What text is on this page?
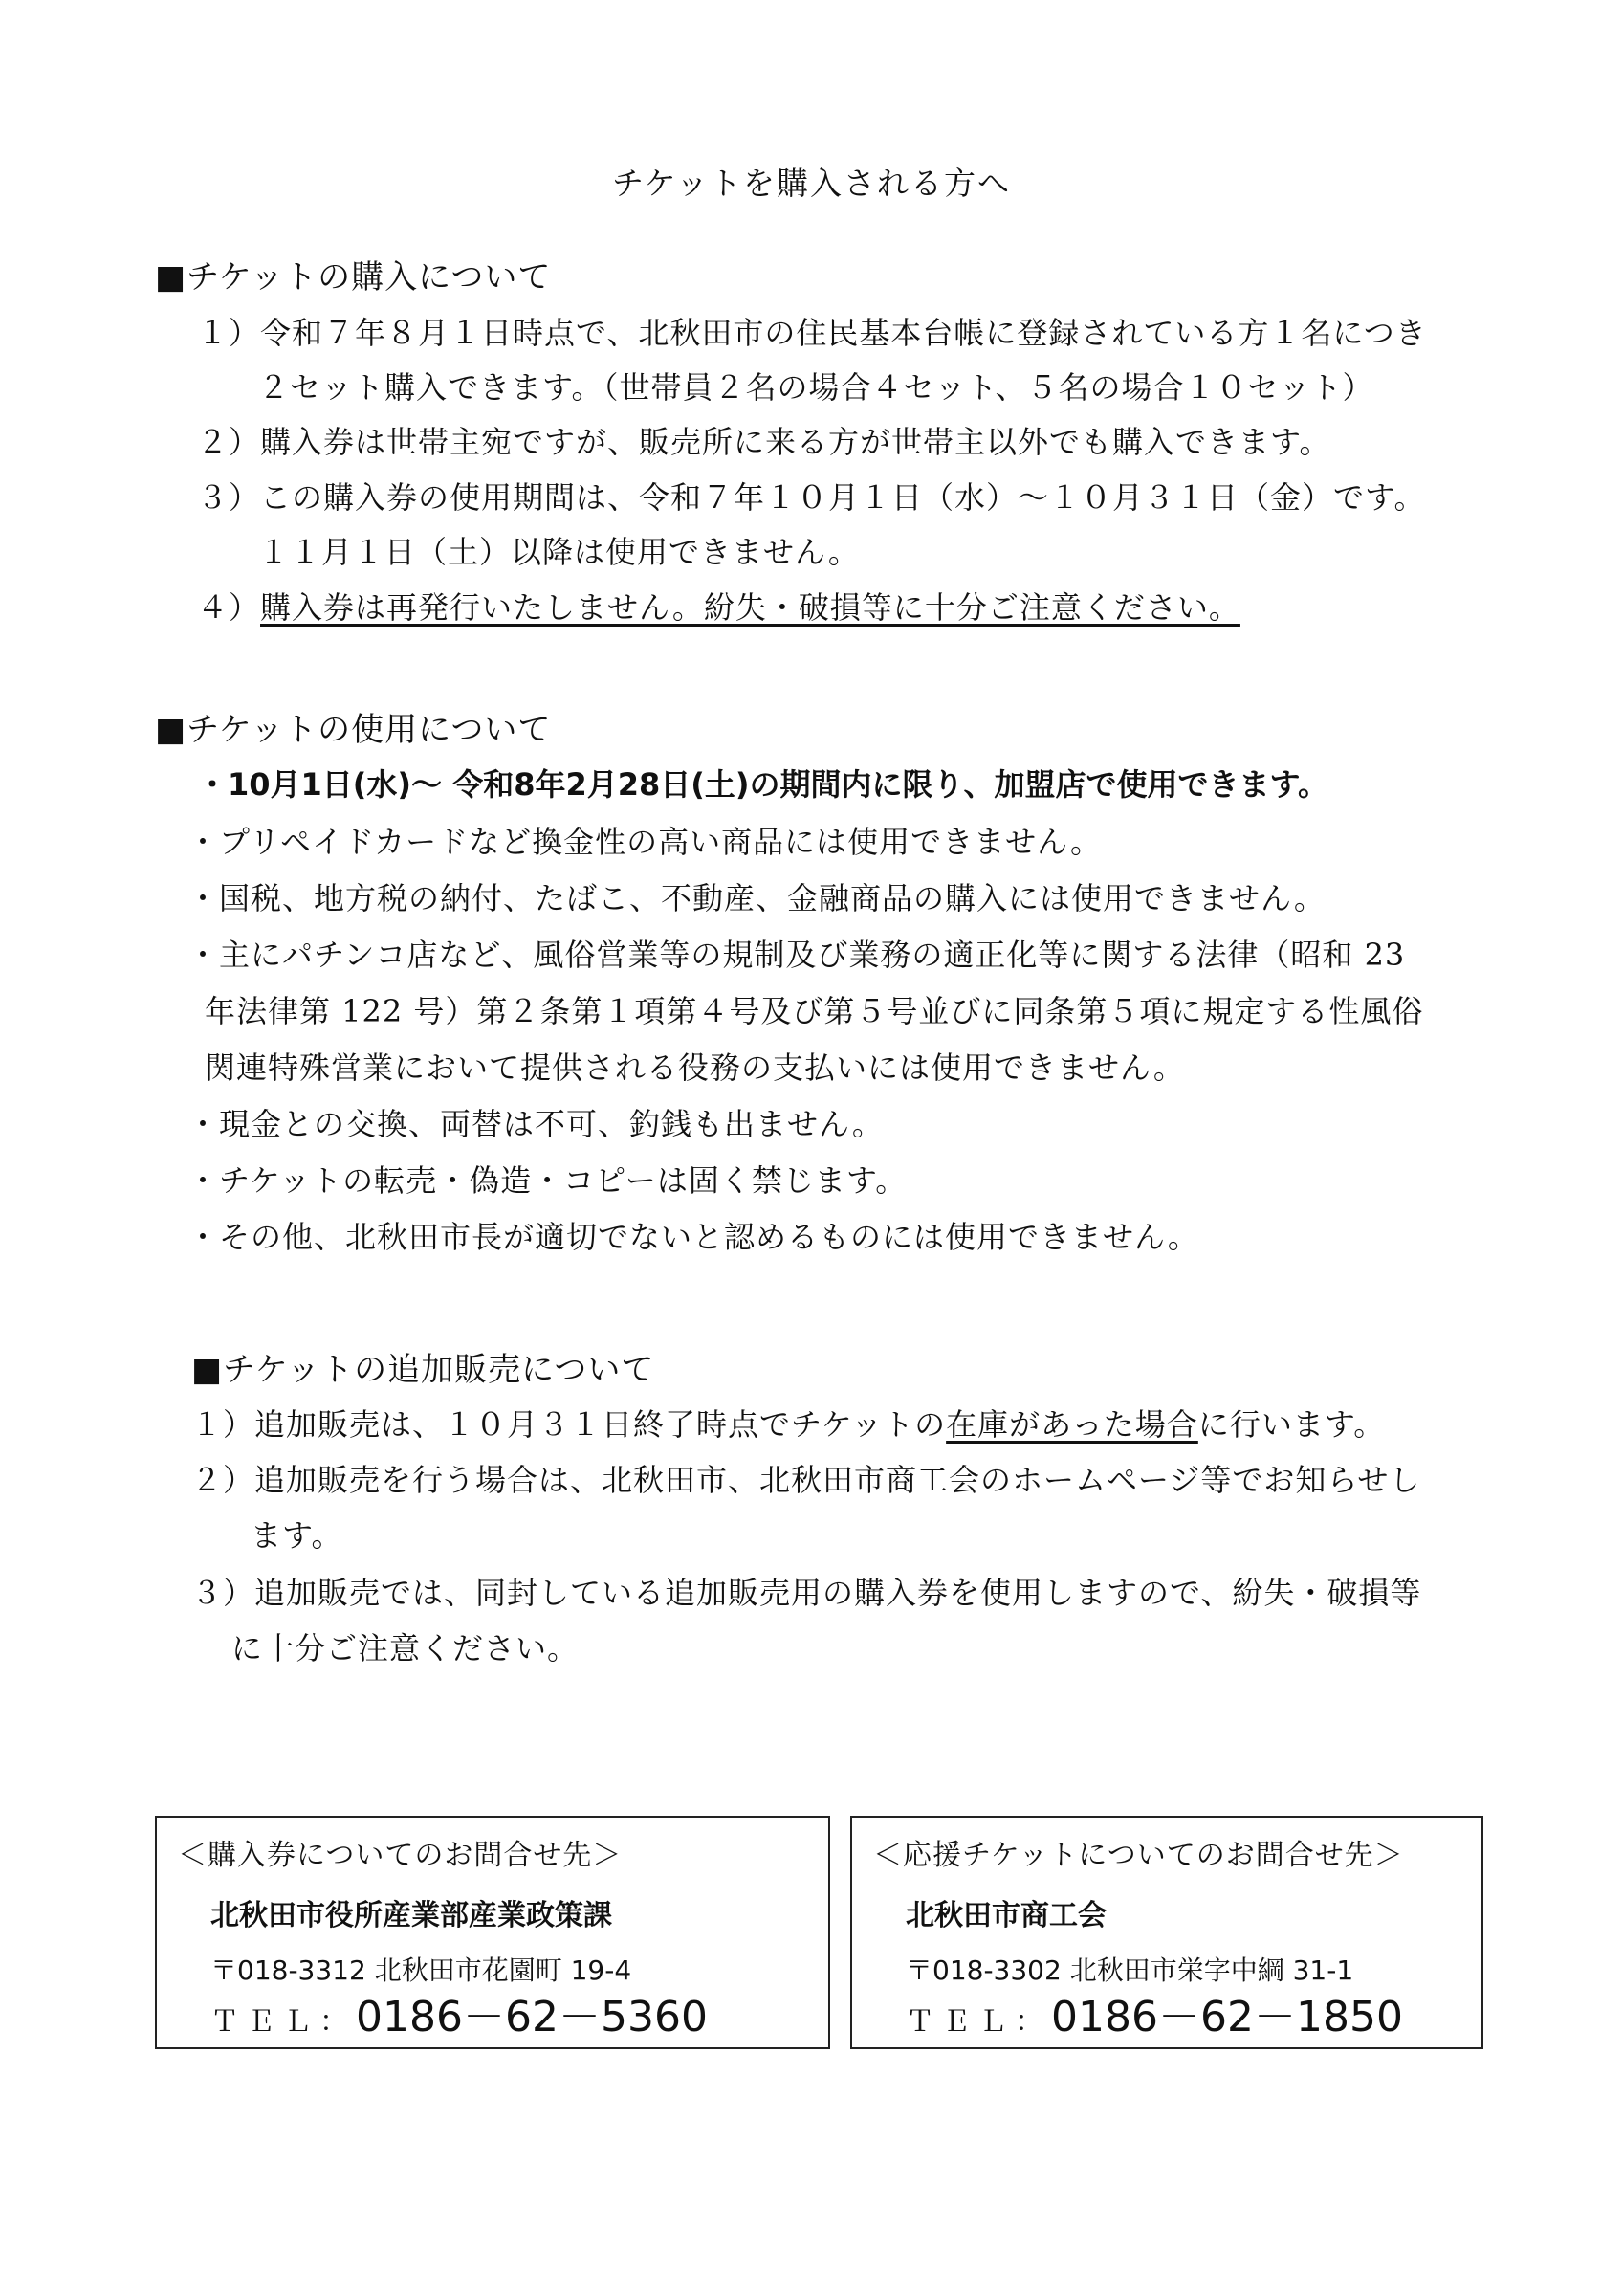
チケットを購入される方へ
■チケットの購入について
１）令和７年８月１日時点で、北秋田市の住民基本台帳に登録されている方１名につき
２セット購入できます。（世帯員２名の場合４セット、５名の場合１０セット）
２）購入券は世帯主宛ですが、販売所に来る方が世帯主以外でも購入できます。
３）この購入券の使用期間は、令和７年１０月１日（水）～１０月３１日（金）です。
１１月１日（土）以降は使用できません。
４）購入券は再発行いたしません。紛失・破損等に十分ご注意ください。
■チケットの使用について
・10月1日(水)～ 令和8年2月28日(土)の期間内に限り、加盟店で使用できます。
・プリペイドカードなど換金性の高い商品には使用できません。
・国税、地方税の納付、たばこ、不動産、金融商品の購入には使用できません。
・主にパチンコ店など、風俗営業等の規制及び業務の適正化等に関する法律（昭和 23
年法律第 122 号）第２条第１項第４号及び第５号並びに同条第５項に規定する性風俗
関連特殊営業において提供される役務の支払いには使用できません。
・現金との交換、両替は不可、釣銭も出ません。
・チケットの転売・偽造・コピーは固く禁じます。
・その他、北秋田市長が適切でないと認めるものには使用できません。
■チケットの追加販売について
１）追加販売は、１０月３１日終了時点でチケットの在庫があった場合に行います。
２）追加販売を行う場合は、北秋田市、北秋田市商工会のホームページ等でお知らせし
ます。
３）追加販売では、同封している追加販売用の購入券を使用しますので、紛失・破損等
に十分ご注意ください。
＜購入券についてのお問合せ先＞
北秋田市役所産業部産業政策課
〒018-3312 北秋田市花園町 19-4
ＴＥＬ：0186－62－5360
＜応援チケットについてのお問合せ先＞
北秋田市商工会
〒018-3302 北秋田市栄字中綱 31-1
ＴＥＬ：0186－62－1850
